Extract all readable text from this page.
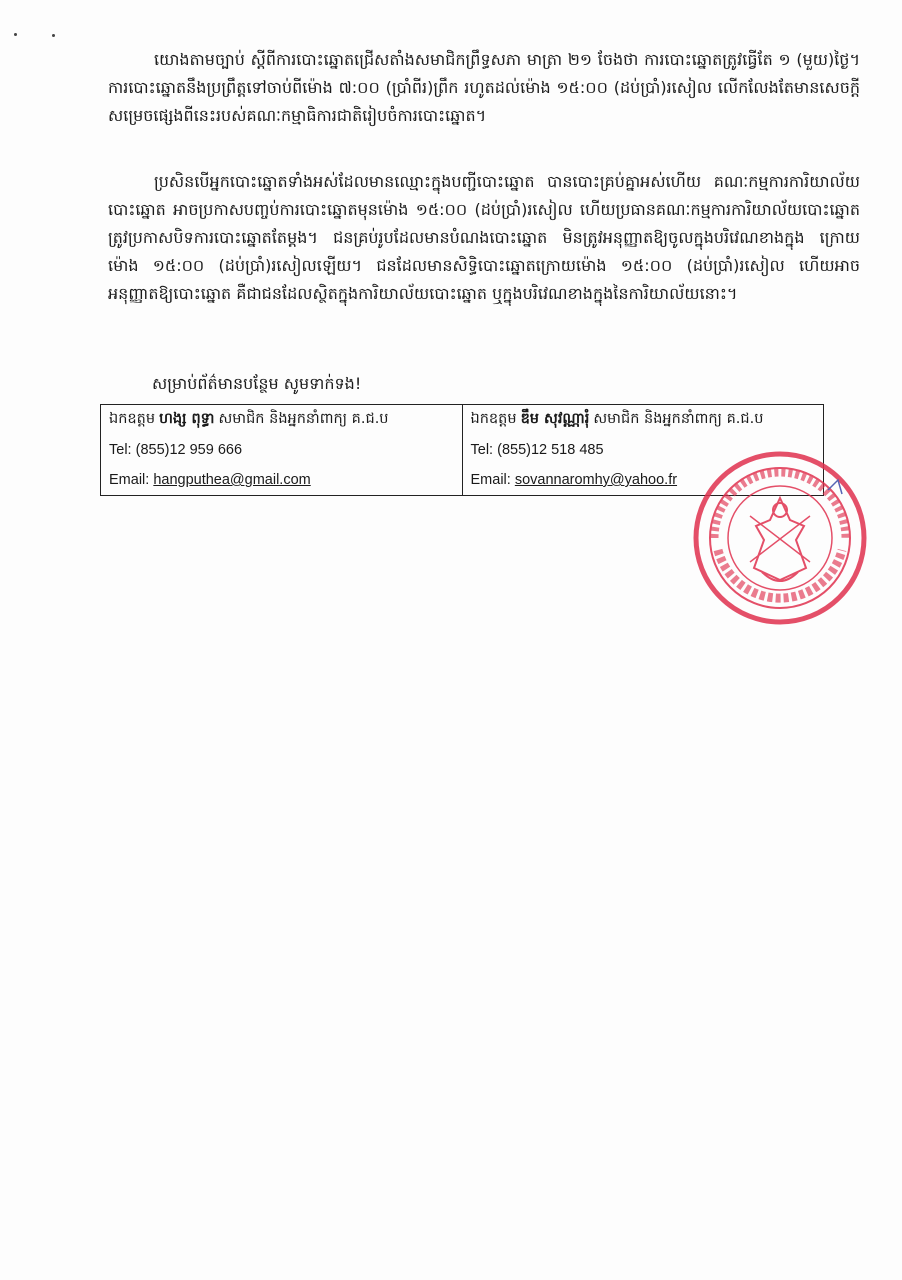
យោងតាមច្បាប់ ស្តីពីការបោះឆ្នោតជ្រើសតាំងសមាជិកព្រឹទ្ធសភា មាត្រា ២១ ចែងថា ការបោះឆ្នោតត្រូវធ្វើតែ ១ (មួយ)ថ្ងៃ។ ការបោះឆ្នោតនឹងប្រព្រឹត្តទៅចាប់ពីម៉ោង ៧:០០ (ប្រាំពីរ)ព្រឹក រហូតដល់ម៉ោង ១៥:០០ (ដប់ប្រាំ)រសៀល លើកលែងតែមានសេចក្តីសម្រេចផ្សេងពីនេះរបស់គណៈកម្មាធិការជាតិរៀបចំការបោះឆ្នោត។

ប្រសិនបើអ្នកបោះឆ្នោតទាំងអស់ដែលមានឈ្មោះក្នុងបញ្ជីបោះឆ្នោត បានបោះគ្រប់គ្នាអស់ហើយ គណៈកម្មការការិយាល័យបោះឆ្នោត អាចប្រកាសបញ្ចប់ការបោះឆ្នោតមុនម៉ោង ១៥:០០ (ដប់ប្រាំ)រសៀល ហើយប្រធានគណៈកម្មការការិយាល័យបោះឆ្នោត ត្រូវប្រកាសបិទការបោះឆ្នោតតែម្តង។ ជនគ្រប់រូបដែលមានបំណងបោះឆ្នោត មិនត្រូវអនុញ្ញាតឱ្យចូលក្នុងបរិវេណខាងក្នុង ក្រោយម៉ោង ១៥:០០ (ដប់ប្រាំ)រសៀលឡើយ។ ជនដែលមានសិទ្ធិបោះឆ្នោតក្រោយម៉ោង ១៥:០០ (ដប់ប្រាំ)រសៀល ហើយអាចអនុញ្ញាតឱ្យបោះឆ្នោត គឺជាជនដែលស្ថិតក្នុងការិយាល័យបោះឆ្នោត ឬក្នុងបរិវេណខាងក្នុងនៃការិយាល័យនោះ។

សម្រាប់ព័ត៌មានបន្ថែម សូមទាក់ទង!

ឯកឧត្តម ហង្ស ពុទ្ធា សមាជិក និងអ្នកនាំពាក្យ គ.ជ.ប	ឯកឧត្តម ឌឹម សុវណ្ណារុំ សមាជិក និងអ្នកនាំពាក្យ គ.ជ.ប
Tel: (855)12 959 666	Tel: (855)12 518 485
Email: hangputhea@gmail.com	Email: sovannaromhy@yahoo.fr
